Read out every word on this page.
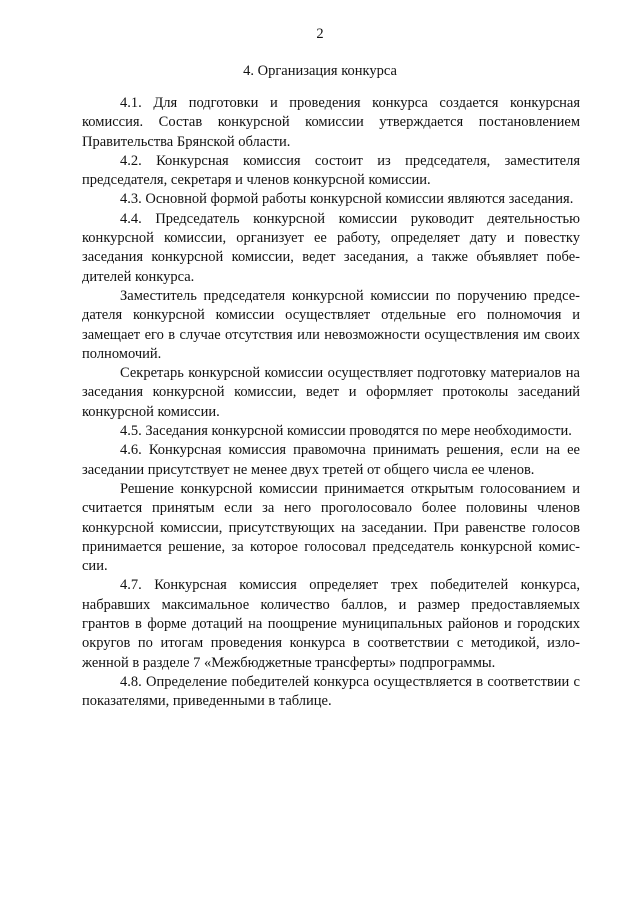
2
4. Организация конкурса

4.1. Для подготовки и проведения конкурса создается конкурсная комиссия. Состав конкурсной комиссии утверждается постановлением Правительства Брянской области.

4.2. Конкурсная комиссия состоит из председателя, заместителя председателя, секретаря и членов конкурсной комиссии.

4.3. Основной формой работы конкурсной комиссии являются заседания.

4.4. Председатель конкурсной комиссии руководит деятельностью конкурсной комиссии, организует ее работу, определяет дату и повестку заседания конкурсной комиссии, ведет заседания, а также объявляет победителей конкурса.

Заместитель председателя конкурсной комиссии по поручению председателя конкурсной комиссии осуществляет отдельные его полномочия и замещает его в случае отсутствия или невозможности осуществления им своих полномочий.

Секретарь конкурсной комиссии осуществляет подготовку материалов на заседания конкурсной комиссии, ведет и оформляет протоколы заседаний конкурсной комиссии.

4.5. Заседания конкурсной комиссии проводятся по мере необходимости.

4.6. Конкурсная комиссия правомочна принимать решения, если на ее заседании присутствует не менее двух третей от общего числа ее членов.

Решение конкурсной комиссии принимается открытым голосованием и считается принятым если за него проголосовало более половины членов конкурсной комиссии, присутствующих на заседании. При равенстве голосов принимается решение, за которое голосовал председатель конкурсной комиссии.

4.7. Конкурсная комиссия определяет трех победителей конкурса, набравших максимальное количество баллов, и размер предоставляемых грантов в форме дотаций на поощрение муниципальных районов и городских округов по итогам проведения конкурса в соответствии с методикой, изложенной в разделе 7 «Межбюджетные трансферты» подпрограммы.

4.8. Определение победителей конкурса осуществляется в соответствии с показателями, приведенными в таблице.
